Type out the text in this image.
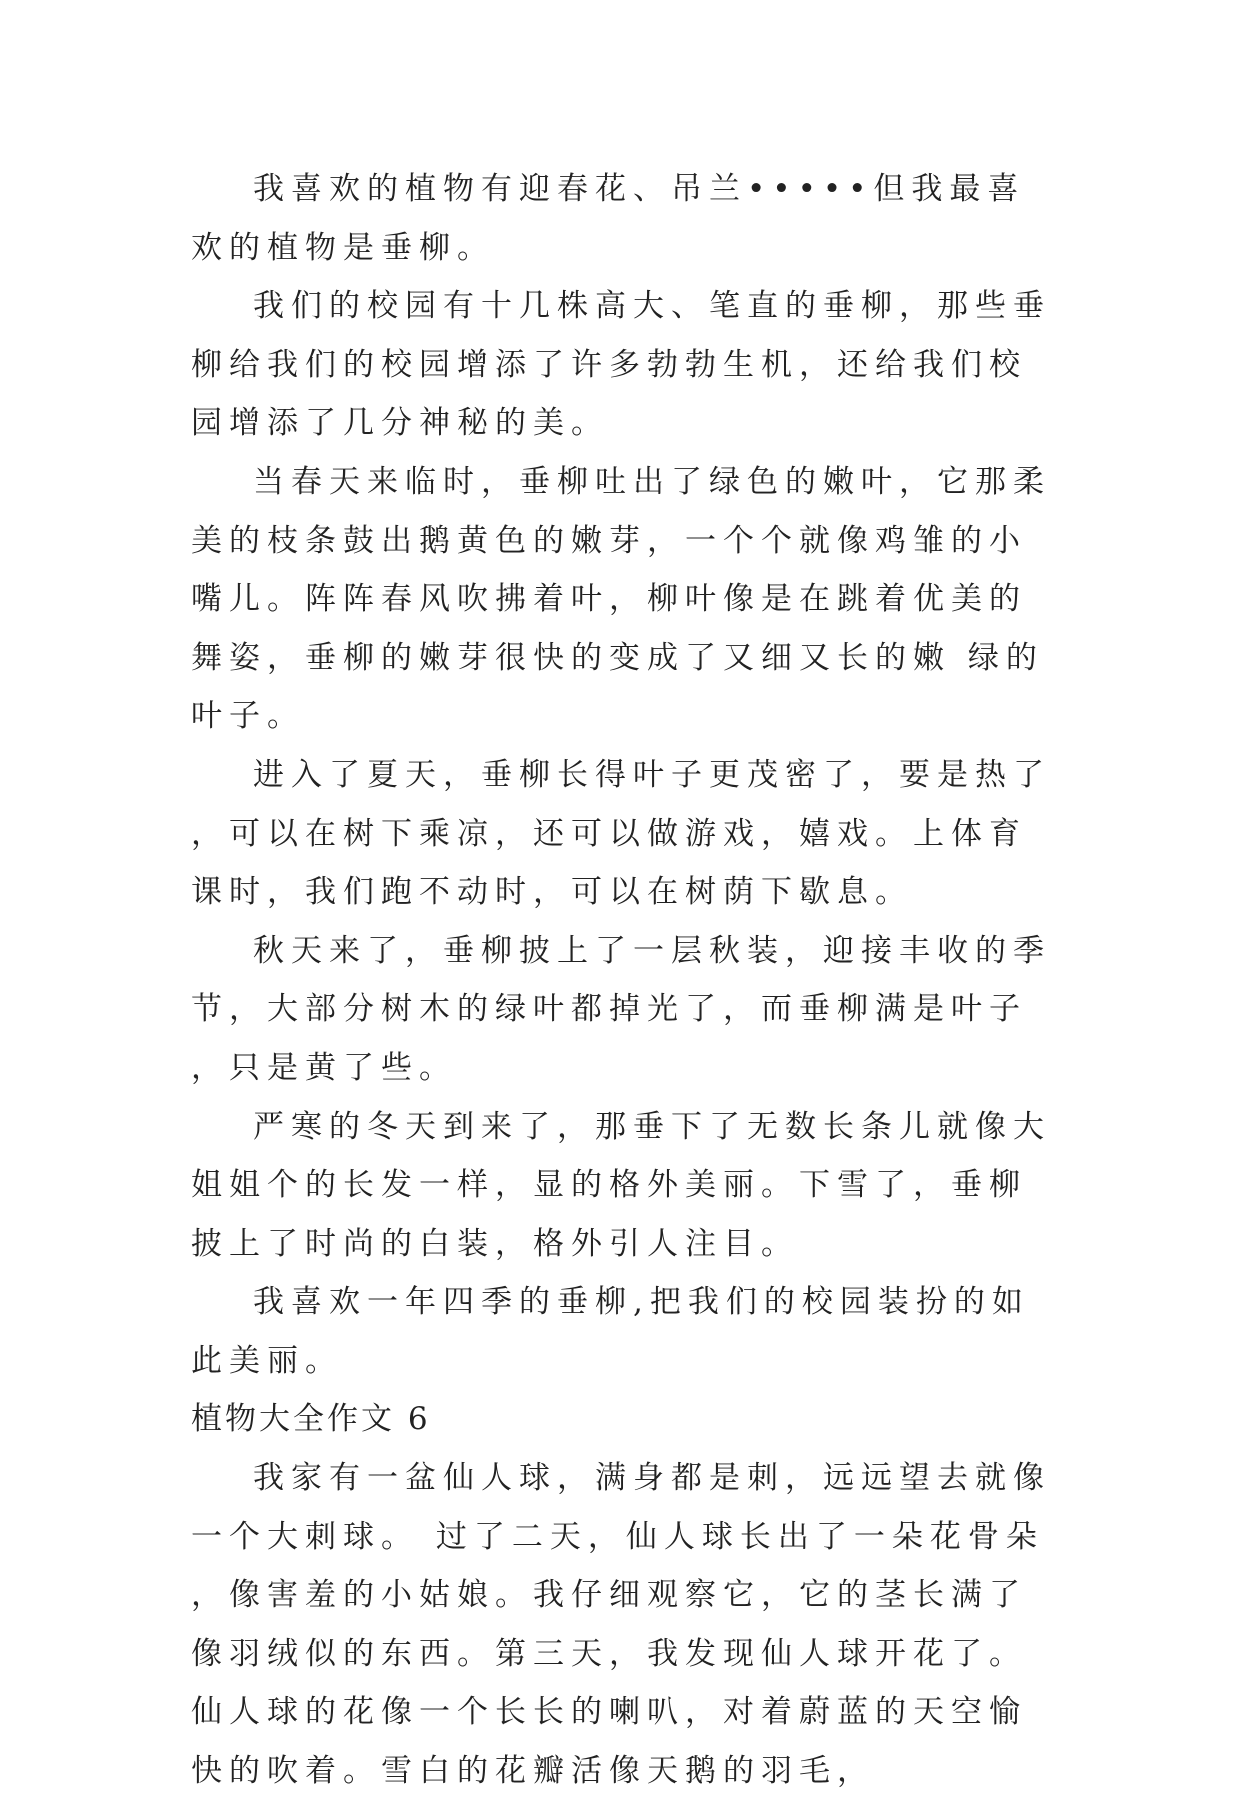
我喜欢的植物有迎春花、吊兰•••••但我最喜欢的植物是垂柳。

我们的校园有十几株高大、笔直的垂柳，那些垂柳给我们的校园增添了许多勃勃生机，还给我们校园增添了几分神秘的美。

当春天来临时，垂柳吐出了绿色的嫩叶，它那柔美的枝条鼓出鹅黄色的嫩芽，一个个就像鸡雏的小嘴儿。阵阵春风吹拂着叶，柳叶像是在跳着优美的舞姿，垂柳的嫩芽很快的变成了又细又长的嫩 绿的叶子。

进入了夏天，垂柳长得叶子更茂密了，要是热了，可以在树下乘凉，还可以做游戏，嬉戏。上体育课时，我们跑不动时，可以在树荫下歇息。

秋天来了，垂柳披上了一层秋装，迎接丰收的季节，大部分树木的绿叶都掉光了，而垂柳满是叶子，只是黄了些。

严寒的冬天到来了，那垂下了无数长条儿就像大姐姐个的长发一样，显的格外美丽。下雪了，垂柳披上了时尚的白装，格外引人注目。

我喜欢一年四季的垂柳,把我们的校园装扮的如此美丽。

植物大全作文 6

我家有一盆仙人球，满身都是刺，远远望去就像一个大刺球。 过了二天，仙人球长出了一朵花骨朵，像害羞的小姑娘。我仔细观察它，它的茎长满了像羽绒似的东西。第三天，我发现仙人球开花了。仙人球的花像一个长长的喇叭，对着蔚蓝的天空愉快的吹着。雪白的花瓣活像天鹅的羽毛，
